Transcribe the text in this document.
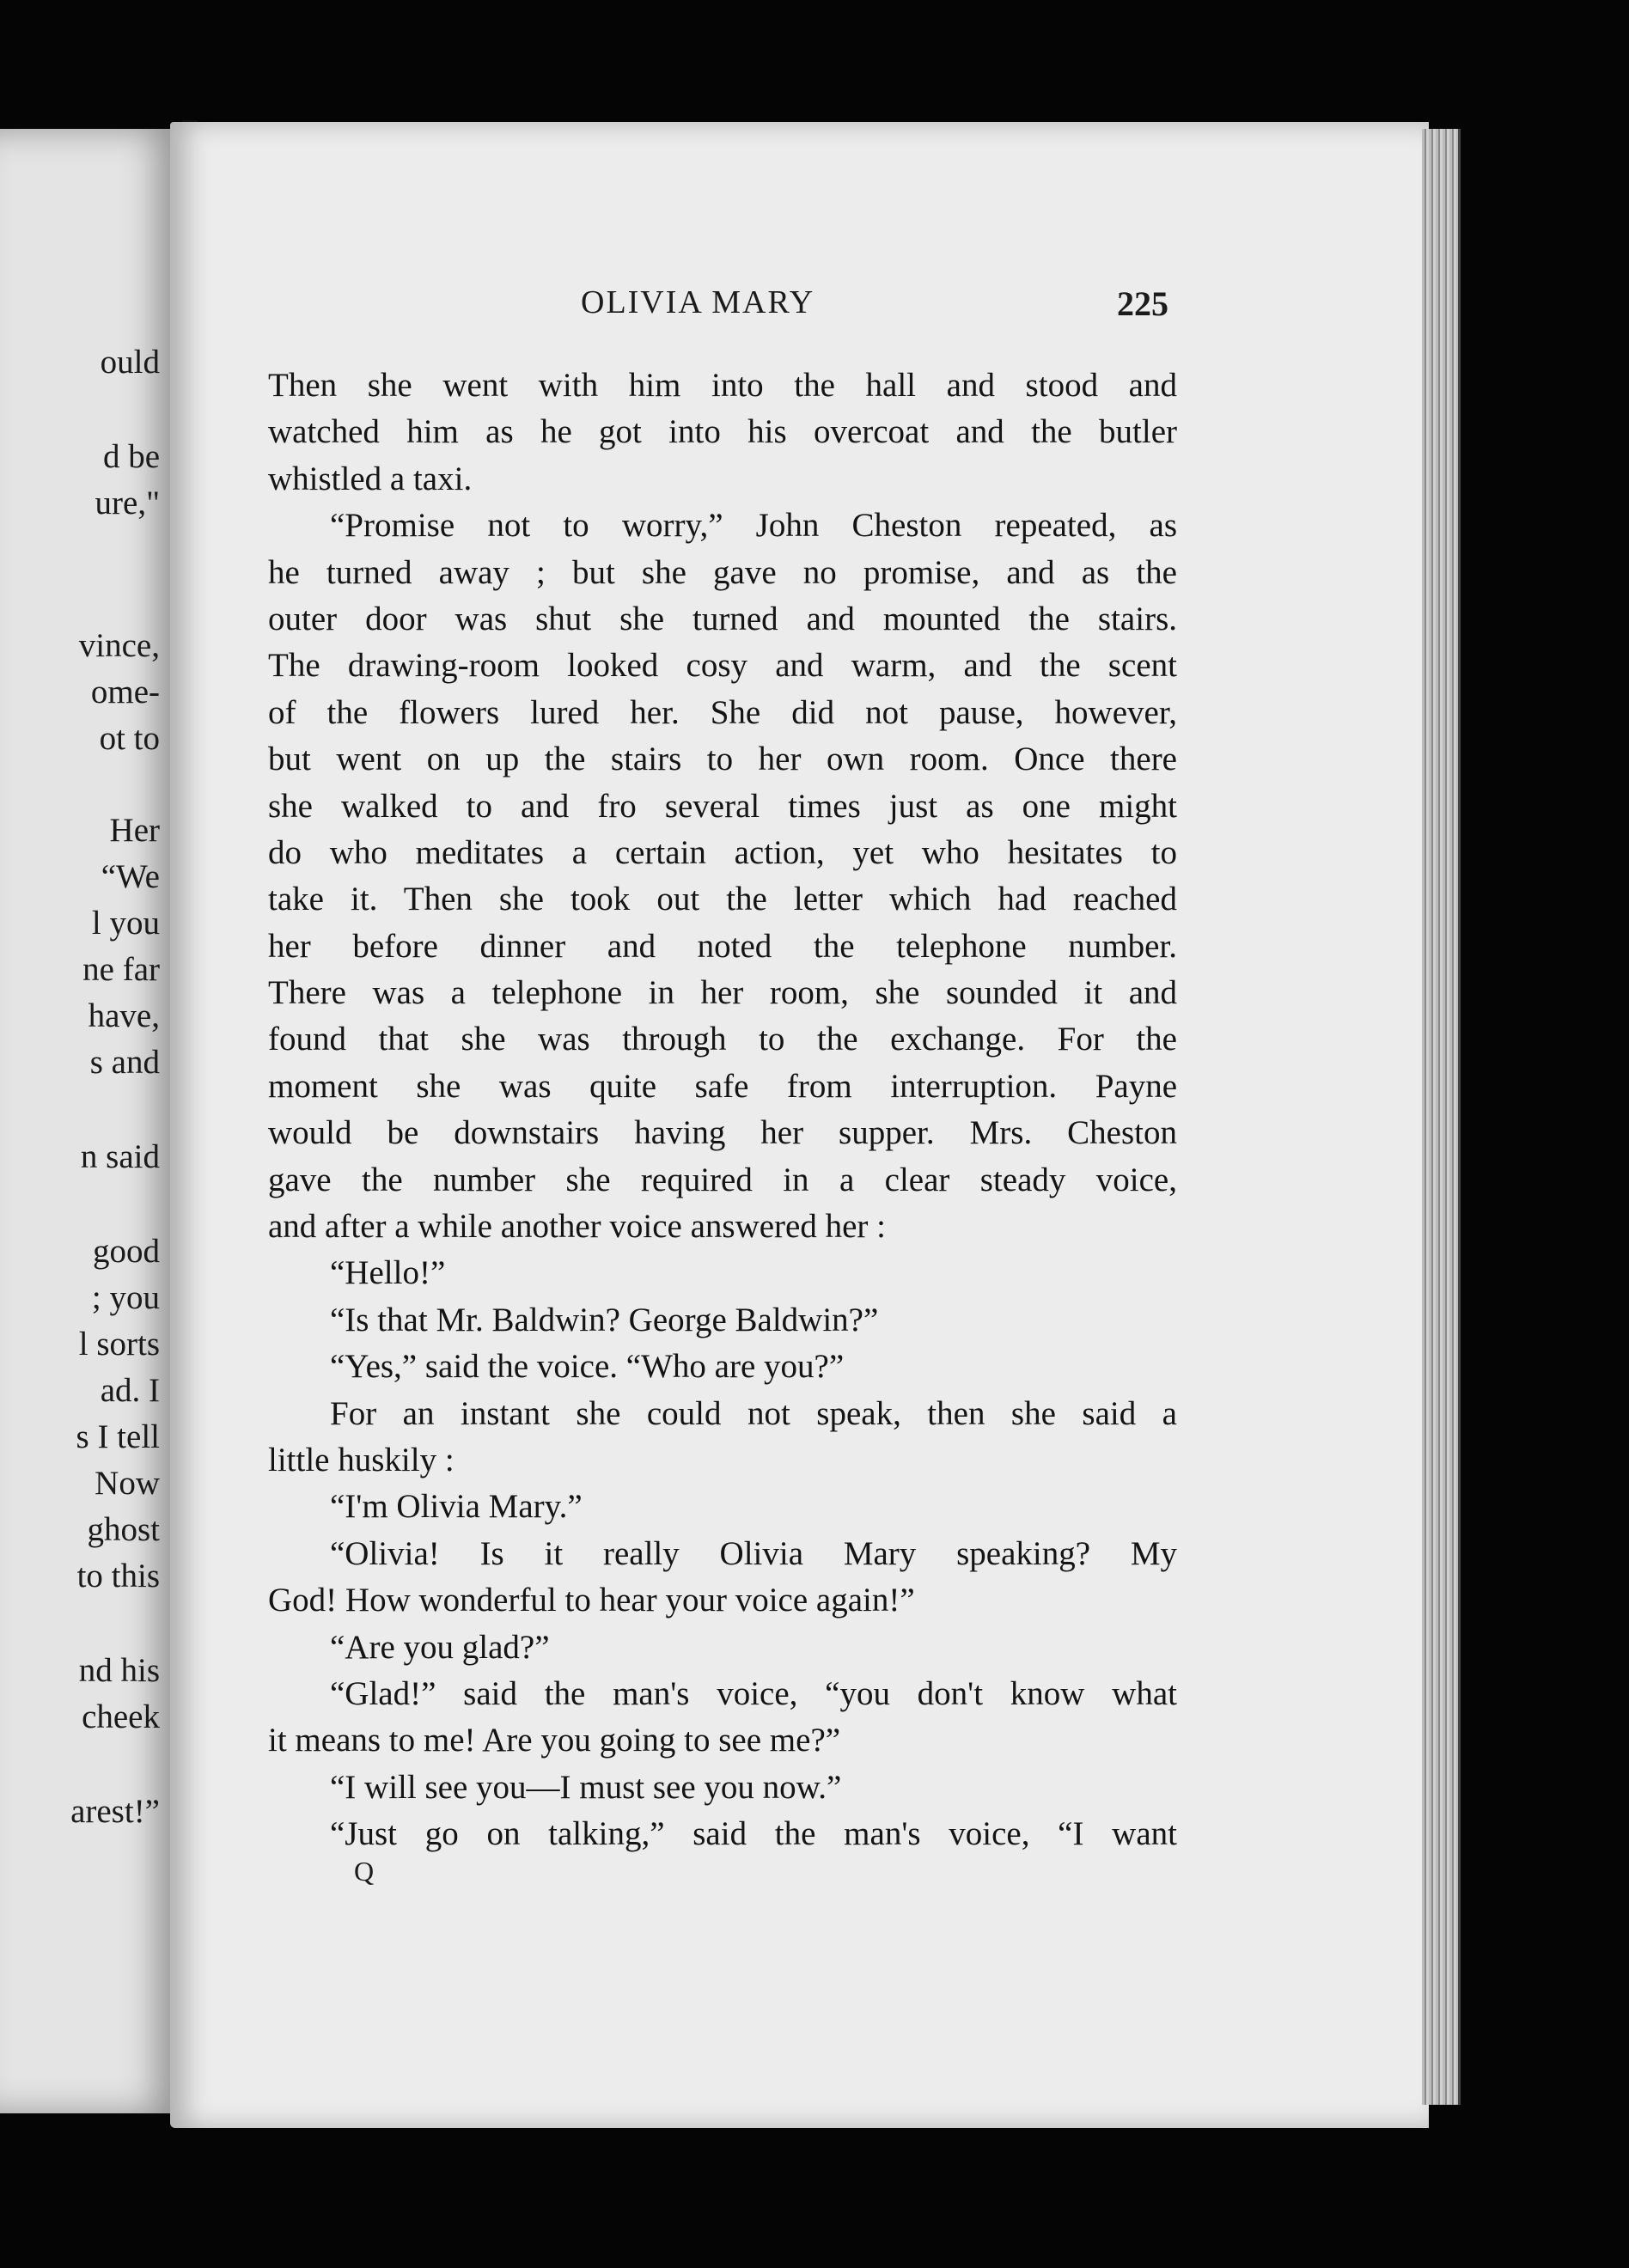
ould
d be
ure,"
vince,
ome-
ot to
Her
“We
l you
ne far
have,
s and
n said
good
; you
l sorts
ad. I
s I tell
Now
ghost
to this
nd his
cheek
arest!”
OLIVIA MARY	225
Then she went with him into the hall and stood and
watched him as he got into his overcoat and the butler
whistled a taxi.
“Promise not to worry,” John Cheston repeated, as
he turned away ; but she gave no promise, and as the
outer door was shut she turned and mounted the stairs.
The drawing-room looked cosy and warm, and the scent
of the flowers lured her. She did not pause, however,
but went on up the stairs to her own room. Once there
she walked to and fro several times just as one might
do who meditates a certain action, yet who hesitates to
take it. Then she took out the letter which had reached
her before dinner and noted the telephone number.
There was a telephone in her room, she sounded it and
found that she was through to the exchange. For the
moment she was quite safe from interruption. Payne
would be downstairs having her supper. Mrs. Cheston
gave the number she required in a clear steady voice,
and after a while another voice answered her :
“Hello!”
“Is that Mr. Baldwin? George Baldwin?”
“Yes,” said the voice. “Who are you?”
For an instant she could not speak, then she said a
little huskily :
“I'm Olivia Mary.”
“Olivia! Is it really Olivia Mary speaking? My
God! How wonderful to hear your voice again!”
“Are you glad?”
“Glad!” said the man's voice, “you don't know what
it means to me! Are you going to see me?”
“I will see you—I must see you now.”
“Just go on talking,” said the man's voice, “I want
Q
